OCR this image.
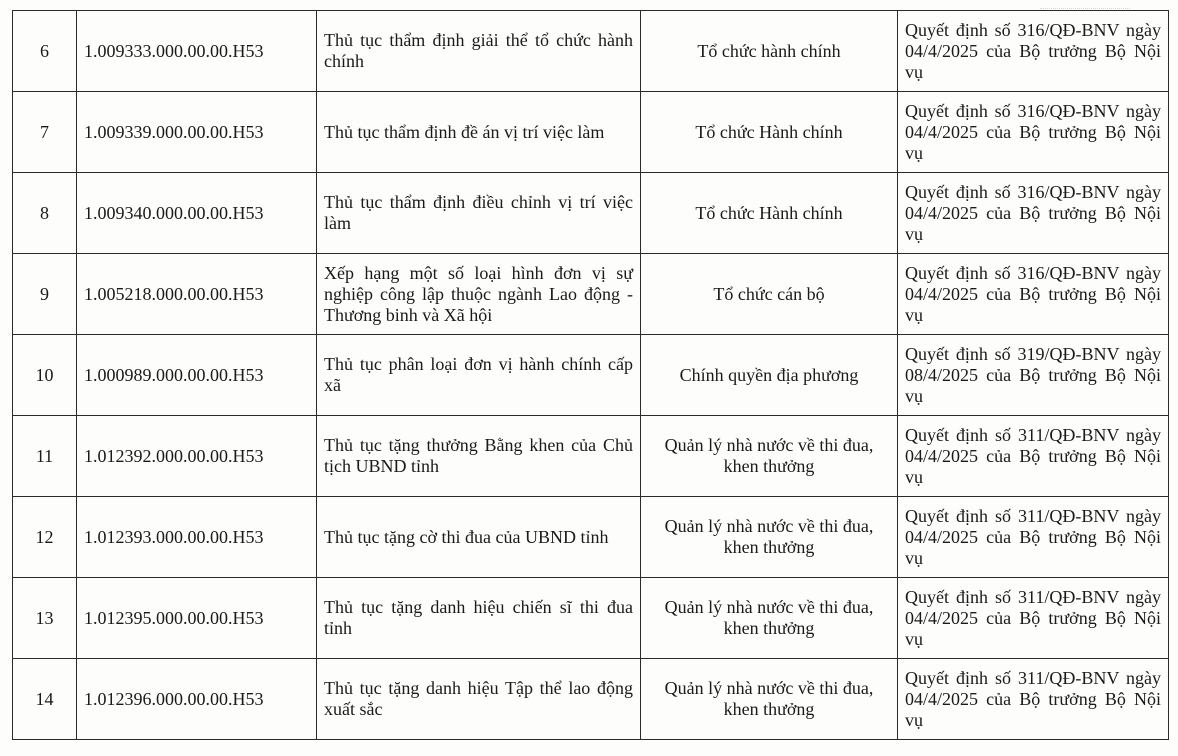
6	1.009333.000.00.00.H53	Thủ tục thẩm định giải thể tổ chức hành chính	Tổ chức hành chính	Quyết định số 316/QĐ-BNV ngày 04/4/2025 của Bộ trưởng Bộ Nội vụ
7	1.009339.000.00.00.H53	Thủ tục thẩm định đề án vị trí việc làm	Tổ chức Hành chính	Quyết định số 316/QĐ-BNV ngày 04/4/2025 của Bộ trưởng Bộ Nội vụ
8	1.009340.000.00.00.H53	Thủ tục thẩm định điều chỉnh vị trí việc làm	Tổ chức Hành chính	Quyết định số 316/QĐ-BNV ngày 04/4/2025 của Bộ trưởng Bộ Nội vụ
9	1.005218.000.00.00.H53	Xếp hạng một số loại hình đơn vị sự nghiệp công lập thuộc ngành Lao động - Thương binh và Xã hội	Tổ chức cán bộ	Quyết định số 316/QĐ-BNV ngày 04/4/2025 của Bộ trưởng Bộ Nội vụ
10	1.000989.000.00.00.H53	Thủ tục phân loại đơn vị hành chính cấp xã	Chính quyền địa phương	Quyết định số 319/QĐ-BNV ngày 08/4/2025 của Bộ trưởng Bộ Nội vụ
11	1.012392.000.00.00.H53	Thủ tục tặng thưởng Bằng khen của Chủ tịch UBND tỉnh	Quản lý nhà nước về thi đua, khen thưởng	Quyết định số 311/QĐ-BNV ngày 04/4/2025 của Bộ trưởng Bộ Nội vụ
12	1.012393.000.00.00.H53	Thủ tục tặng cờ thi đua của UBND tỉnh	Quản lý nhà nước về thi đua, khen thưởng	Quyết định số 311/QĐ-BNV ngày 04/4/2025 của Bộ trưởng Bộ Nội vụ
13	1.012395.000.00.00.H53	Thủ tục tặng danh hiệu chiến sĩ thi đua tỉnh	Quản lý nhà nước về thi đua, khen thưởng	Quyết định số 311/QĐ-BNV ngày 04/4/2025 của Bộ trưởng Bộ Nội vụ
14	1.012396.000.00.00.H53	Thủ tục tặng danh hiệu Tập thể lao động xuất sắc	Quản lý nhà nước về thi đua, khen thưởng	Quyết định số 311/QĐ-BNV ngày 04/4/2025 của Bộ trưởng Bộ Nội vụ
